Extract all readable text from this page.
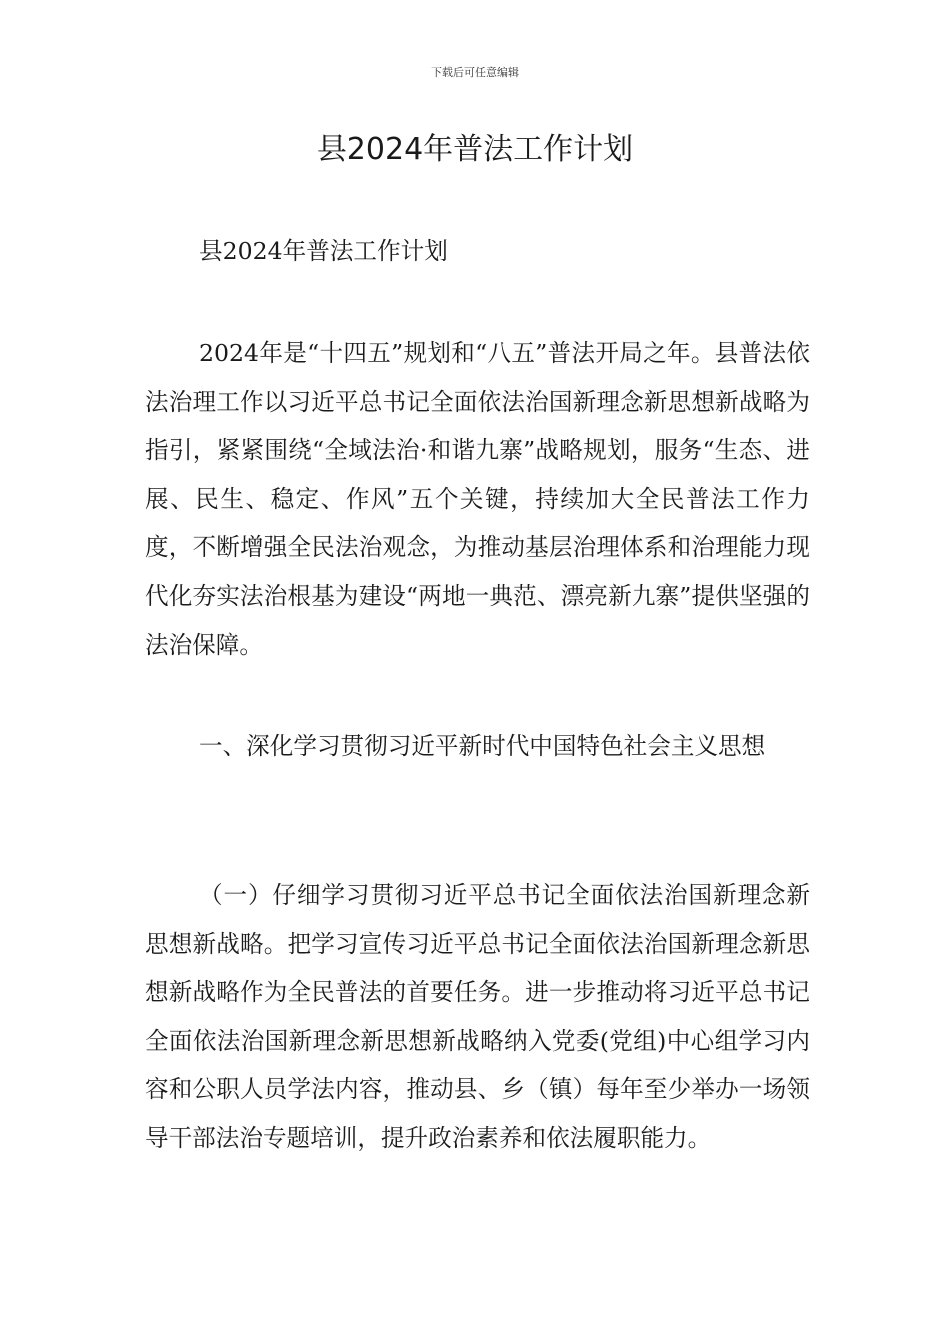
下载后可任意编辑
县2024年普法工作计划

县2024年普法工作计划

2024年是“十四五”规划和“八五”普法开局之年。县普法依法治理工作以习近平总书记全面依法治国新理念新思想新战略为指引，紧紧围绕“全域法治·和谐九寨”战略规划，服务“生态、进展、民生、稳定、作风”五个关键，持续加大全民普法工作力度，不断增强全民法治观念，为推动基层治理体系和治理能力现代化夯实法治根基为建设“两地一典范、漂亮新九寨”提供坚强的法治保障。

一、深化学习贯彻习近平新时代中国特色社会主义思想

（一）仔细学习贯彻习近平总书记全面依法治国新理念新思想新战略。把学习宣传习近平总书记全面依法治国新理念新思想新战略作为全民普法的首要任务。进一步推动将习近平总书记全面依法治国新理念新思想新战略纳入党委(党组)中心组学习内容和公职人员学法内容，推动县、乡（镇）每年至少举办一场领导干部法治专题培训，提升政治素养和依法履职能力。
